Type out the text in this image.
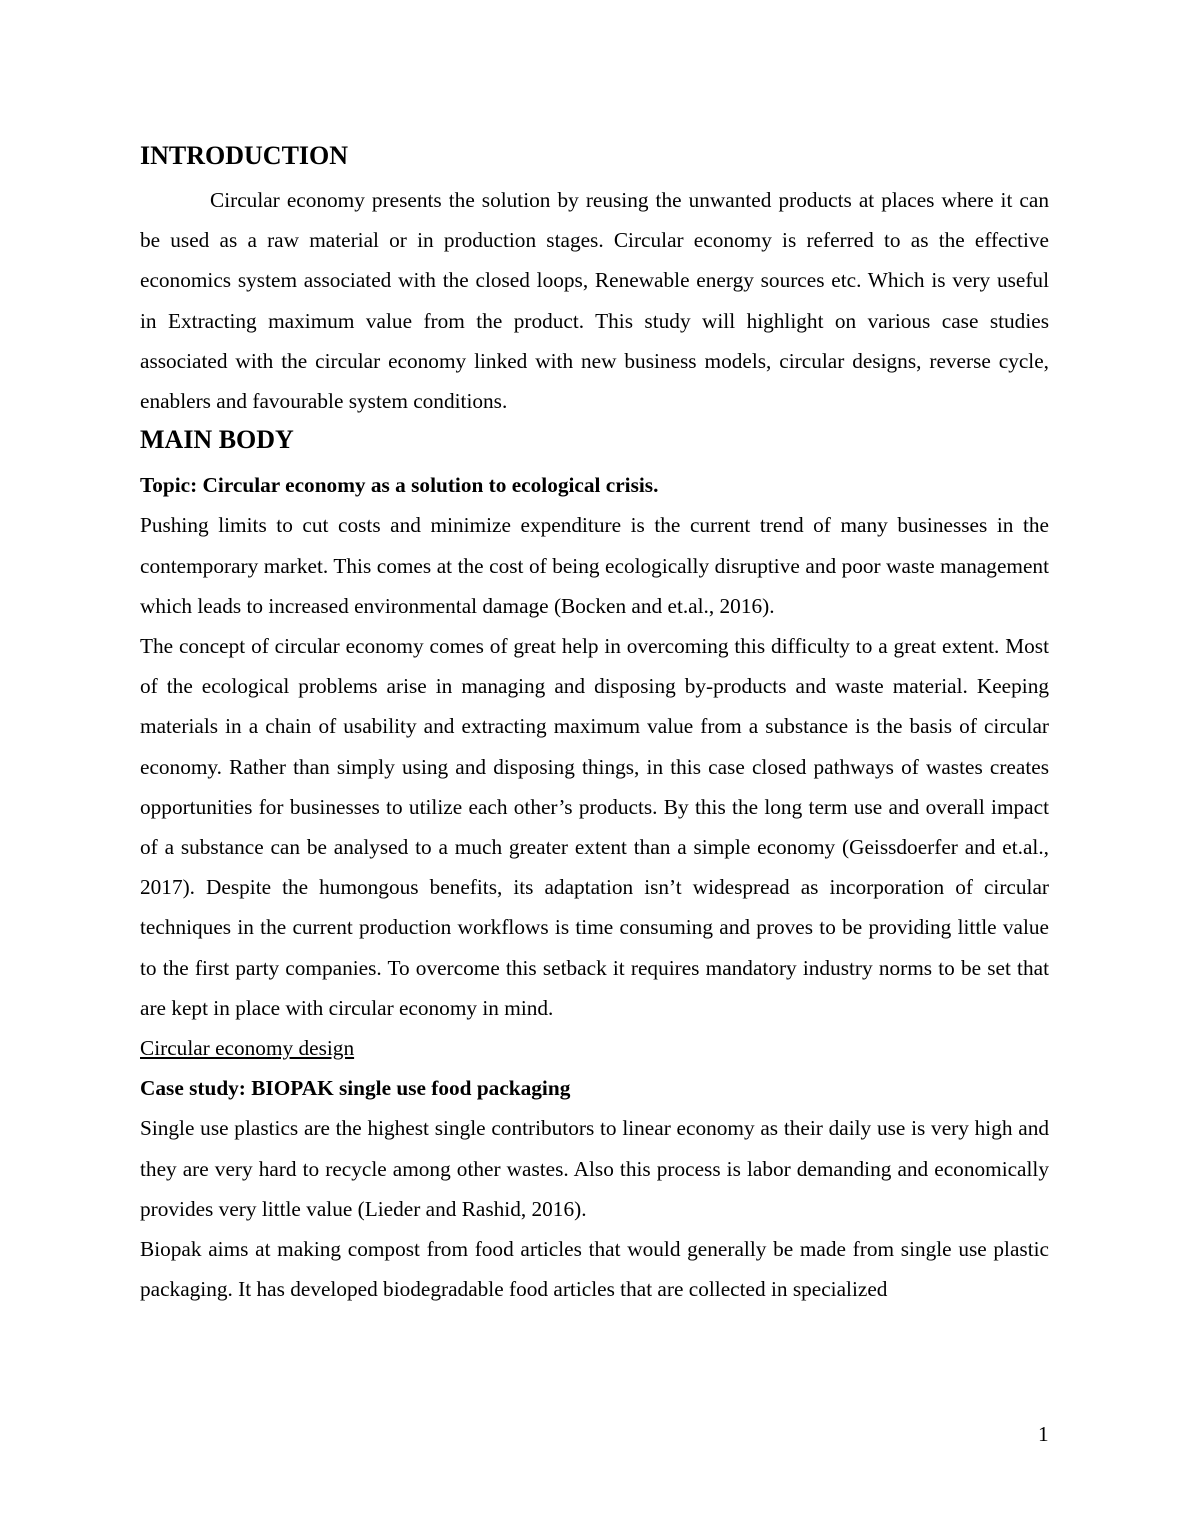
INTRODUCTION

Circular economy presents the solution by reusing the unwanted products at places where it can be used as a raw material or in production stages. Circular economy is referred to as the effective economics system associated with the closed loops, Renewable energy sources etc. Which is very useful in Extracting maximum value from the product. This study will highlight on various case studies associated with the circular economy linked with new business models, circular designs, reverse cycle, enablers and favourable system conditions.

MAIN BODY

Topic: Circular economy as a solution to ecological crisis.

Pushing limits to cut costs and minimize expenditure is the current trend of many businesses in the contemporary market. This comes at the cost of being ecologically disruptive and poor waste management which leads to increased environmental damage (Bocken and et.al., 2016).

The concept of circular economy comes of great help in overcoming this difficulty to a great extent. Most of the ecological problems arise in managing and disposing by-products and waste material. Keeping materials in a chain of usability and extracting maximum value from a substance is the basis of circular economy. Rather than simply using and disposing things, in this case closed pathways of wastes creates opportunities for businesses to utilize each other’s products. By this the long term use and overall impact of a substance can be analysed to a much greater extent than a simple economy (Geissdoerfer and et.al., 2017). Despite the humongous benefits, its adaptation isn’t widespread as incorporation of circular techniques in the current production workflows is time consuming and proves to be providing little value to the first party companies. To overcome this setback it requires mandatory industry norms to be set that are kept in place with circular economy in mind.

Circular economy design

Case study: BIOPAK single use food packaging

Single use plastics are the highest single contributors to linear economy as their daily use is very high and they are very hard to recycle among other wastes. Also this process is labor demanding and economically provides very little value (Lieder and Rashid, 2016).

Biopak aims at making compost from food articles that would generally be made from single use plastic packaging. It has developed biodegradable food articles that are collected in specialized

1
